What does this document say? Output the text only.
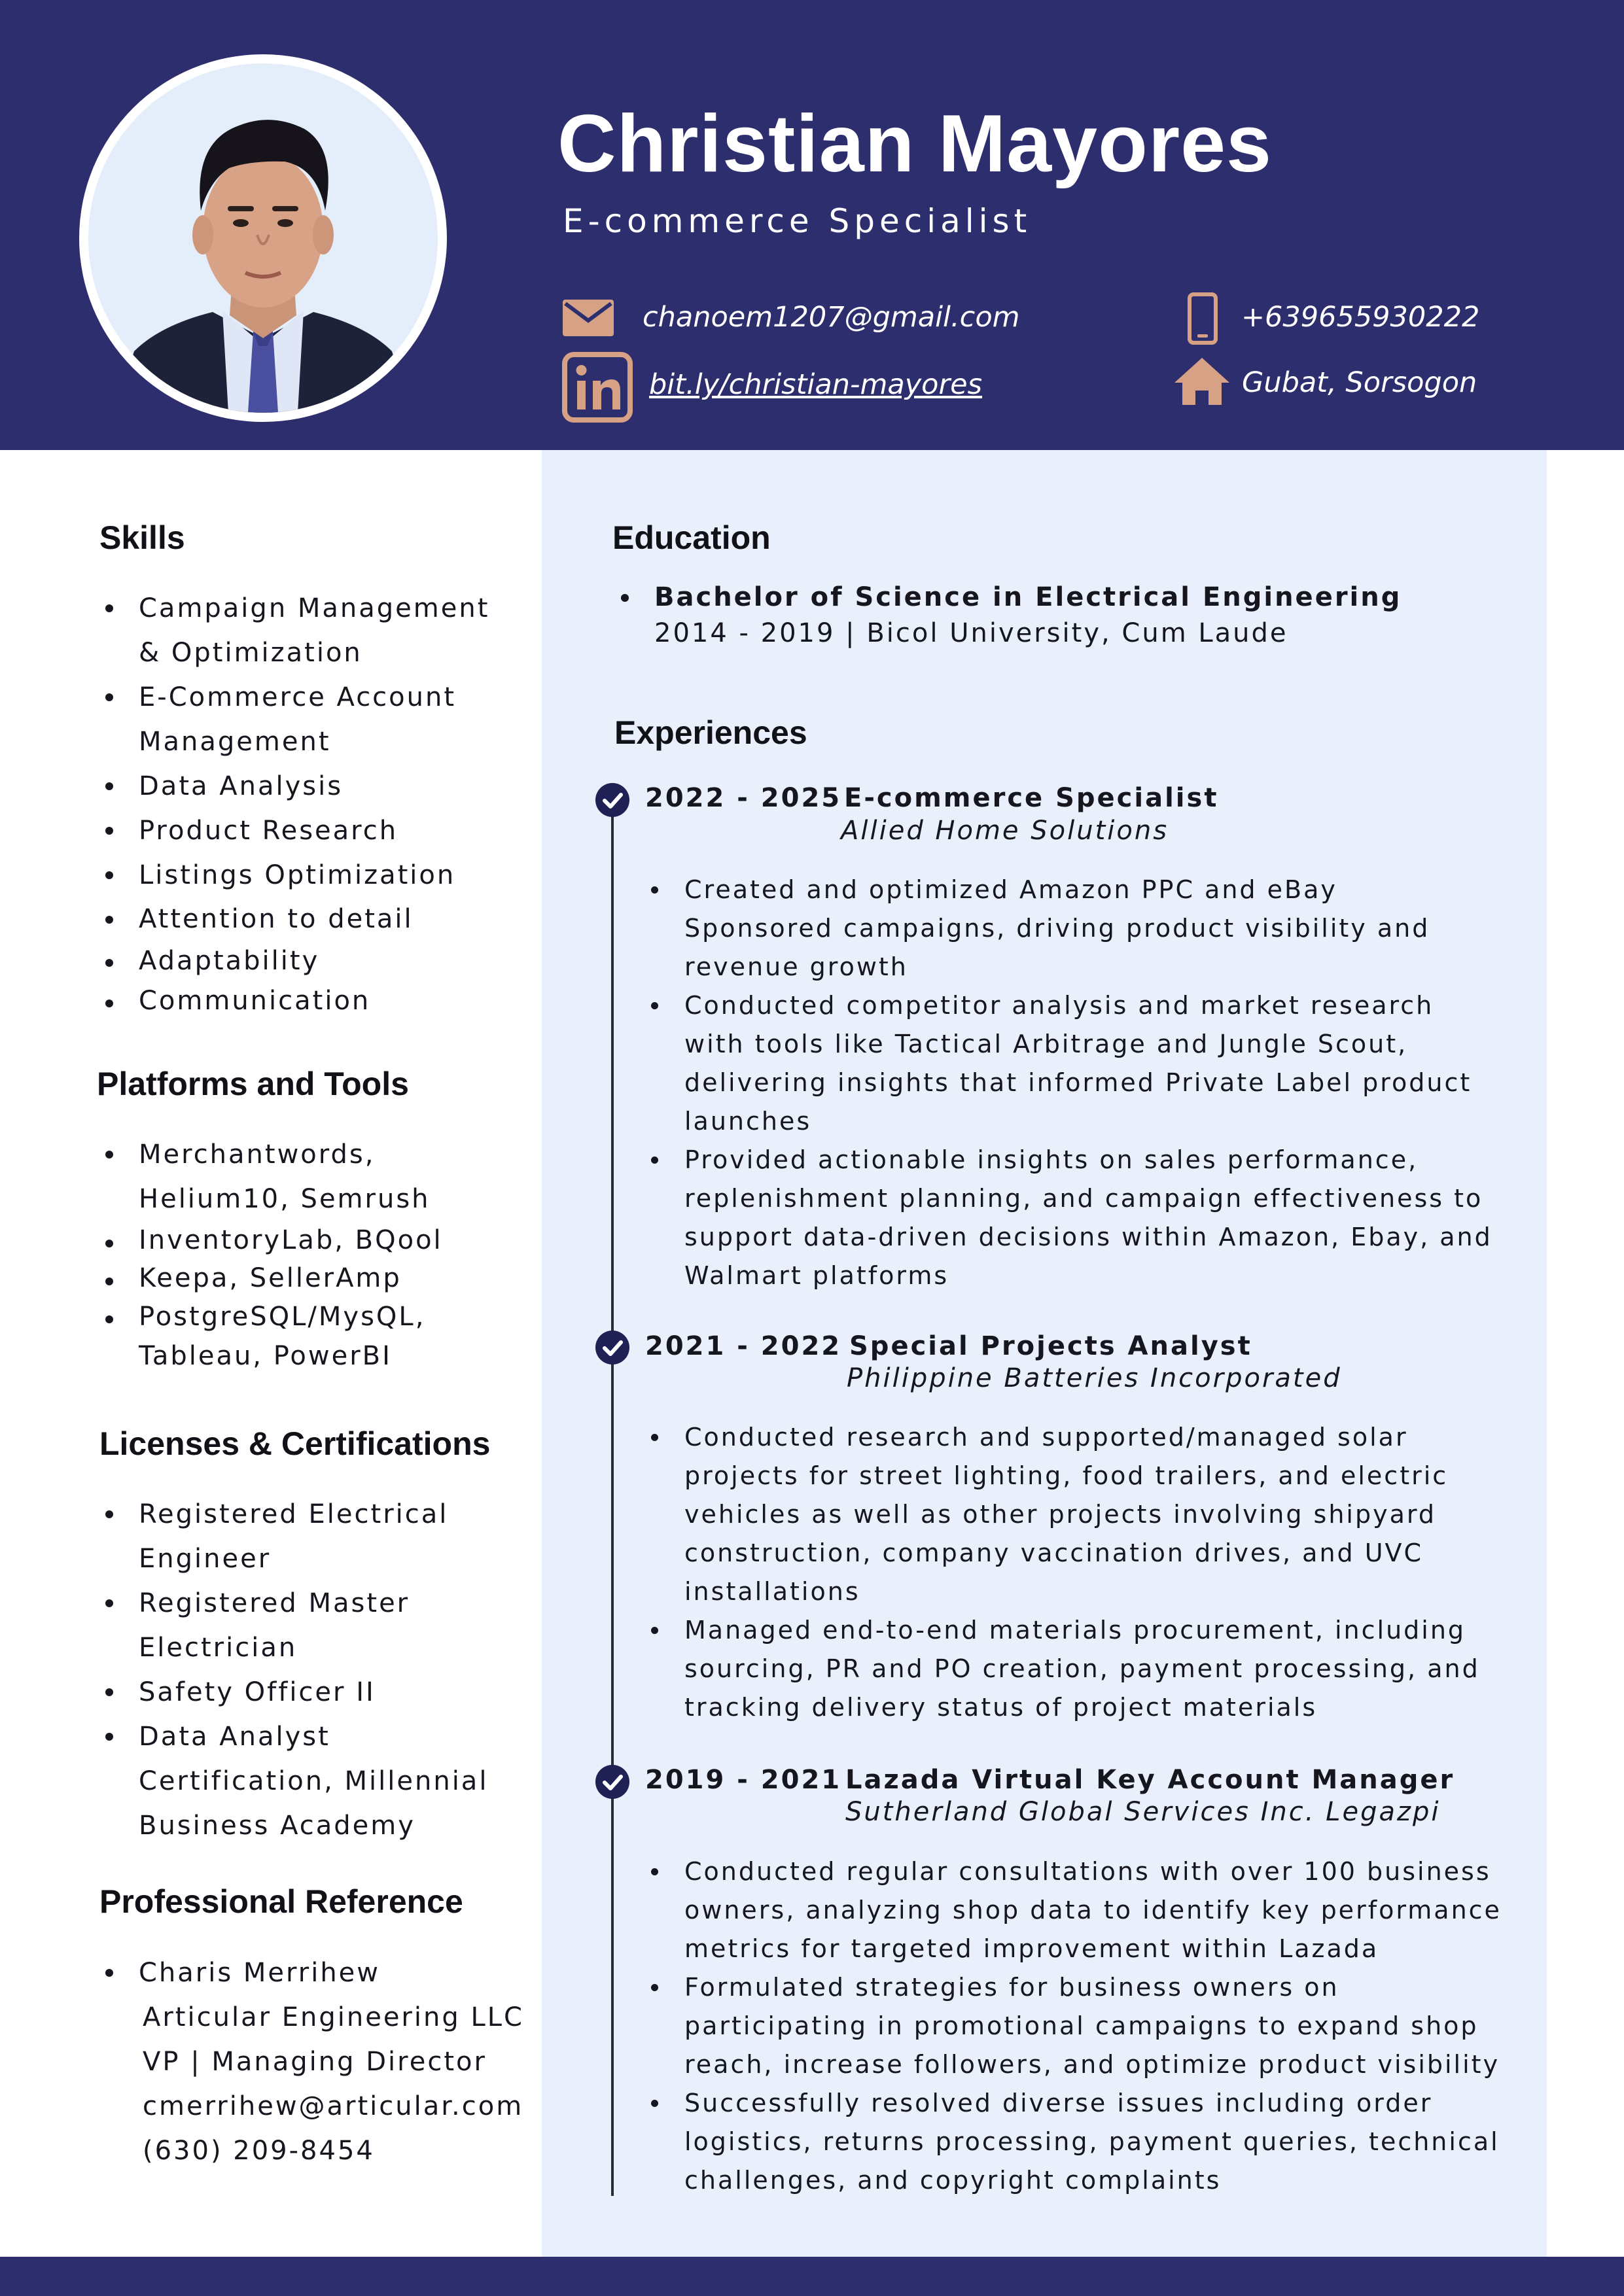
Christian Mayores
E-commerce Specialist
chanoem1207@gmail.com
bit.ly/christian-mayores
+639655930222
Gubat, Sorsogon
Skills
Campaign Management
& Optimization
E-Commerce Account
Management
Data Analysis
Product Research
Listings Optimization
Attention to detail
Adaptability
Communication
Platforms and Tools
Merchantwords,
Helium10, Semrush
InventoryLab, BQool
Keepa, SellerAmp
PostgreSQL/MysQL,
Tableau, PowerBI
Licenses & Certifications
Registered Electrical
Engineer
Registered Master
Electrician
Safety Officer II
Data Analyst
Certification, Millennial
Business Academy
Professional Reference
Charis Merrihew
Articular Engineering LLC
VP | Managing Director
cmerrihew@articular.com
(630) 209-8454
Education
Bachelor of Science in Electrical Engineering
2014 - 2019 | Bicol University, Cum Laude
Experiences
2022 - 2025 E-commerce Specialist
Allied Home Solutions
Created and optimized Amazon PPC and eBay
Sponsored campaigns, driving product visibility and
revenue growth
Conducted competitor analysis and market research
with tools like Tactical Arbitrage and Jungle Scout,
delivering insights that informed Private Label product
launches
Provided actionable insights on sales performance,
replenishment planning, and campaign effectiveness to
support data-driven decisions within Amazon, Ebay, and
Walmart platforms
2021 - 2022 Special Projects Analyst
Philippine Batteries Incorporated
Conducted research and supported/managed solar
projects for street lighting, food trailers, and electric
vehicles as well as other projects involving shipyard
construction, company vaccination drives, and UVC
installations
Managed end-to-end materials procurement, including
sourcing, PR and PO creation, payment processing, and
tracking delivery status of project materials
2019 - 2021 Lazada Virtual Key Account Manager
Sutherland Global Services Inc. Legazpi
Conducted regular consultations with over 100 business
owners, analyzing shop data to identify key performance
metrics for targeted improvement within Lazada
Formulated strategies for business owners on
participating in promotional campaigns to expand shop
reach, increase followers, and optimize product visibility
Successfully resolved diverse issues including order
logistics, returns processing, payment queries, technical
challenges, and copyright complaints
